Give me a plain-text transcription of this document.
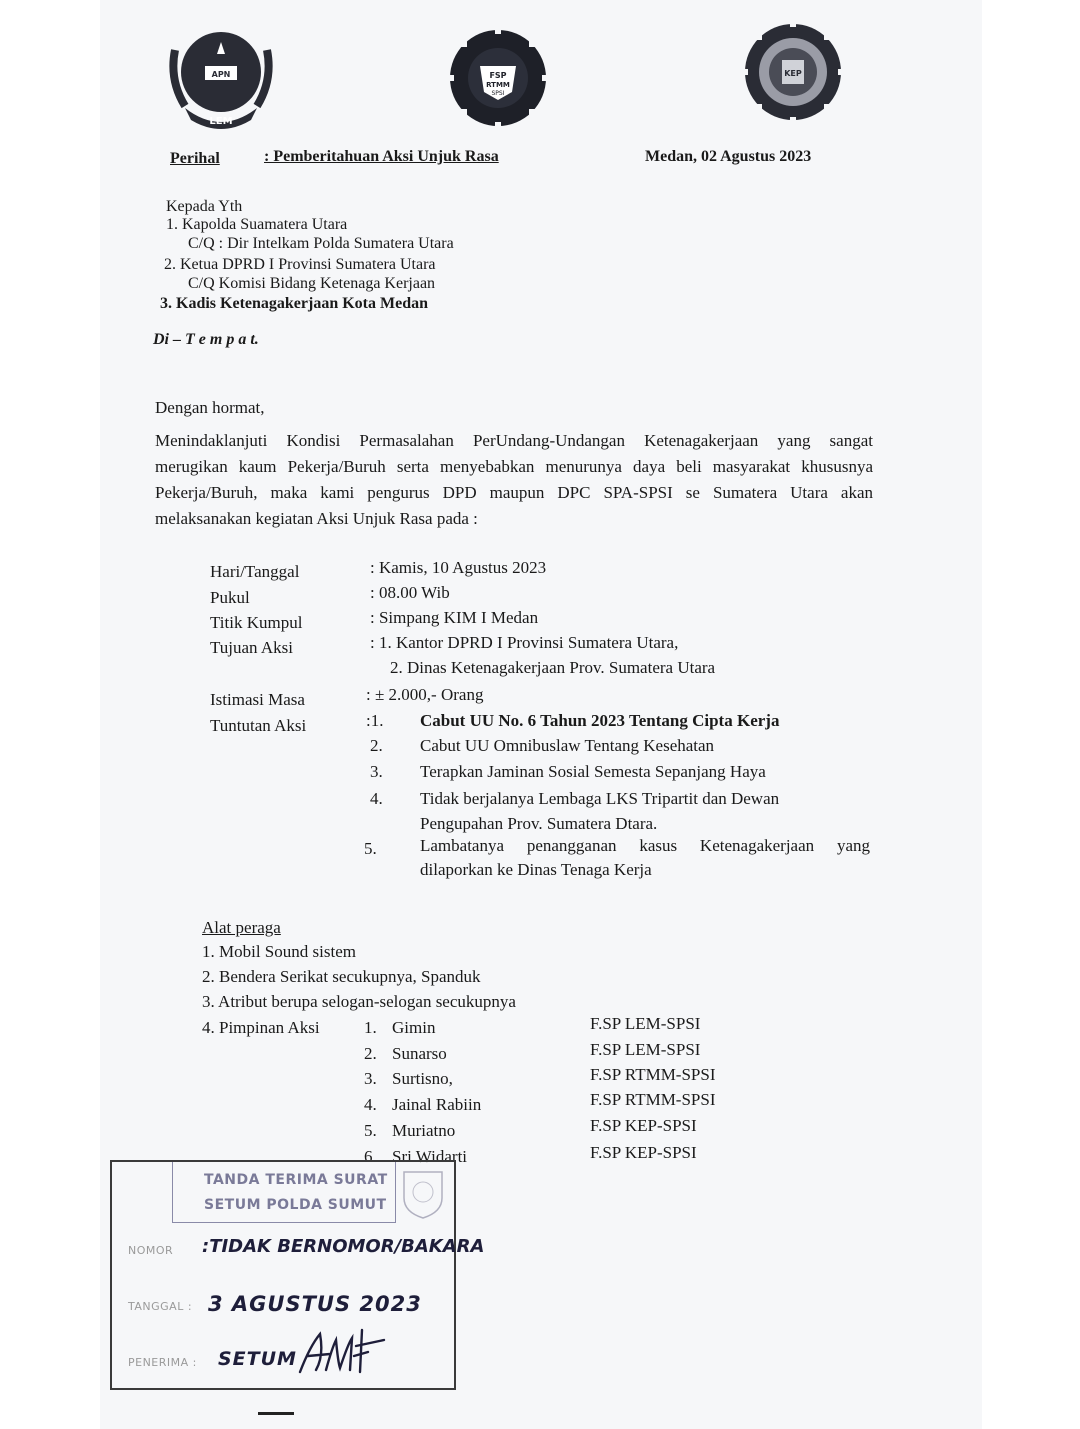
APN
LEM
FSP
RTMM
SPSI
KEP
Perihal	: Pemberitahuan Aksi Unjuk Rasa	Medan, 02 Agustus 2023
Kepada Yth
1. Kapolda Suamatera Utara
C/Q : Dir Intelkam Polda Sumatera Utara
2. Ketua DPRD I Provinsi Sumatera Utara
C/Q Komisi Bidang Ketenaga Kerjaan
3. Kadis Ketenagakerjaan Kota Medan
Di – T e m p a t.
Dengan hormat,
Menindaklanjuti Kondisi Permasalahan PerUndang-Undangan Ketenagakerjaan yang sangat
merugikan kaum Pekerja/Buruh serta menyebabkan menurunya daya beli masyarakat khususnya
Pekerja/Buruh, maka kami pengurus DPD maupun DPC SPA-SPSI se Sumatera Utara akan
melaksanakan kegiatan Aksi Unjuk Rasa pada :
Hari/Tanggal	: Kamis, 10 Agustus 2023
Pukul	: 08.00 Wib
Titik Kumpul	: Simpang KIM I Medan
Tujuan Aksi	: 1. Kantor DPRD I Provinsi Sumatera Utara,
2. Dinas Ketenagakerjaan Prov. Sumatera Utara
Istimasi Masa	: ± 2.000,- Orang
Tuntutan Aksi	:1. Cabut UU No. 6 Tahun 2023 Tentang Cipta Kerja
2. Cabut UU Omnibuslaw Tentang Kesehatan
3. Terapkan Jaminan Sosial Semesta Sepanjang Haya
4. Tidak berjalanya Lembaga LKS Tripartit dan Dewan
Pengupahan Prov. Sumatera Dtara.
5.	Lambatanya penangganan kasus Ketenagakerjaan yang
dilaporkan ke Dinas Tenaga Kerja
Alat peraga
1. Mobil Sound sistem
2. Bendera Serikat secukupnya, Spanduk
3. Atribut berupa selogan-selogan secukupnya
4. Pimpinan Aksi	1. Gimin	F.SP LEM-SPSI
2. Sunarso	F.SP LEM-SPSI
3. Surtisno,	F.SP RTMM-SPSI
4. Jainal Rabiin	F.SP RTMM-SPSI
5. Muriatno	F.SP KEP-SPSI
6. Sri Widarti	F.SP KEP-SPSI
TANDA TERIMA SURAT
SETUM POLDA SUMUT
NOMOR :TIDAK BERNOMOR/BAKARA
TANGGAL : 3 AGUSTUS 2023
PENERIMA : SETUM
